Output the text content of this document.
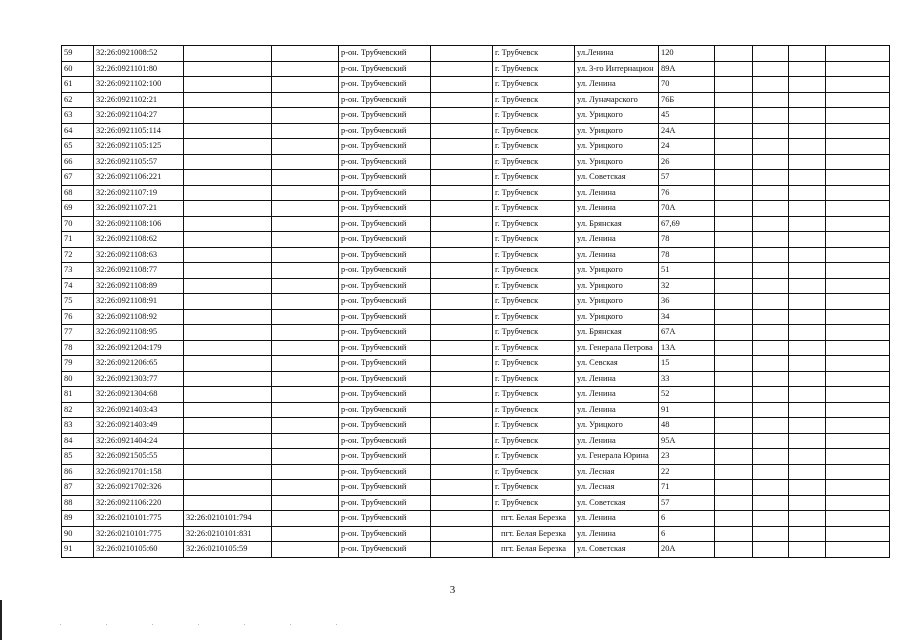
59	32:26:0921008:52			р-он. Трубчевский		г. Трубчевск	ул.Ленина	120				
60	32:26:0921101:80			р-он. Трубчевский		г. Трубчевск	ул. 3-го Интернацион	89А				
61	32:26:0921102:100			р-он. Трубчевский		г. Трубчевск	ул. Ленина	70				
62	32:26:0921102:21			р-он. Трубчевский		г. Трубчевск	ул. Луначарского	76Б				
63	32:26:0921104:27			р-он. Трубчевский		г. Трубчевск	ул. Урицкого	45				
64	32:26:0921105:114			р-он. Трубчевский		г. Трубчевск	ул. Урицкого	24А				
65	32:26:0921105:125			р-он. Трубчевский		г. Трубчевск	ул. Урицкого	24				
66	32:26:0921105:57			р-он. Трубчевский		г. Трубчевск	ул. Урицкого	26				
67	32:26:0921106:221			р-он. Трубчевский		г. Трубчевск	ул. Советская	57				
68	32:26:0921107:19			р-он. Трубчевский		г. Трубчевск	ул. Ленина	76				
69	32:26:0921107:21			р-он. Трубчевский		г. Трубчевск	ул. Ленина	70А				
70	32:26:0921108:106			р-он. Трубчевский		г. Трубчевск	ул. Брянская	67,69				
71	32:26:0921108:62			р-он. Трубчевский		г. Трубчевск	ул. Ленина	78				
72	32:26:0921108:63			р-он. Трубчевский		г. Трубчевск	ул. Ленина	78				
73	32:26:0921108:77			р-он. Трубчевский		г. Трубчевск	ул. Урицкого	51				
74	32:26:0921108:89			р-он. Трубчевский		г. Трубчевск	ул. Урицкого	32				
75	32:26:0921108:91			р-он. Трубчевский		г. Трубчевск	ул. Урицкого	36				
76	32:26:0921108:92			р-он. Трубчевский		г. Трубчевск	ул. Урицкого	34				
77	32:26:0921108:95			р-он. Трубчевский		г. Трубчевск	ул. Брянская	67А				
78	32:26:0921204:179			р-он. Трубчевский		г. Трубчевск	ул. Генерала Петрова	13А				
79	32:26:0921206:65			р-он. Трубчевский		г. Трубчевск	ул. Севская	15				
80	32:26:0921303:77			р-он. Трубчевский		г. Трубчевск	ул. Ленина	33				
81	32:26:0921304:68			р-он. Трубчевский		г. Трубчевск	ул. Ленина	52				
82	32:26:0921403:43			р-он. Трубчевский		г. Трубчевск	ул. Ленина	91				
83	32:26:0921403:49			р-он. Трубчевский		г. Трубчевск	ул. Урицкого	48				
84	32:26:0921404:24			р-он. Трубчевский		г. Трубчевск	ул. Ленина	95А				
85	32:26:0921505:55			р-он. Трубчевский		г. Трубчевск	ул. Генерала Юрина	23				
86	32:26:0921701:158			р-он. Трубчевский		г. Трубчевск	ул. Лесная	22				
87	32:26:0921702:326			р-он. Трубчевский		г. Трубчевск	ул. Лесная	71				
88	32:26:0921106:220			р-он. Трубчевский		г. Трубчевск	ул. Советская	57				
89	32:26:0210101:775	32:26:0210101:794		р-он. Трубчевский		пгт. Белая Березка	ул. Ленина	6				
90	32:26:0210101:775	32:26:0210101:831		р-он. Трубчевский		пгт. Белая Березка	ул. Ленина	6				
91	32:26:0210105:60	32:26:0210105:59		р-он. Трубчевский		пгт. Белая Березка	ул. Советская	20А				
3
